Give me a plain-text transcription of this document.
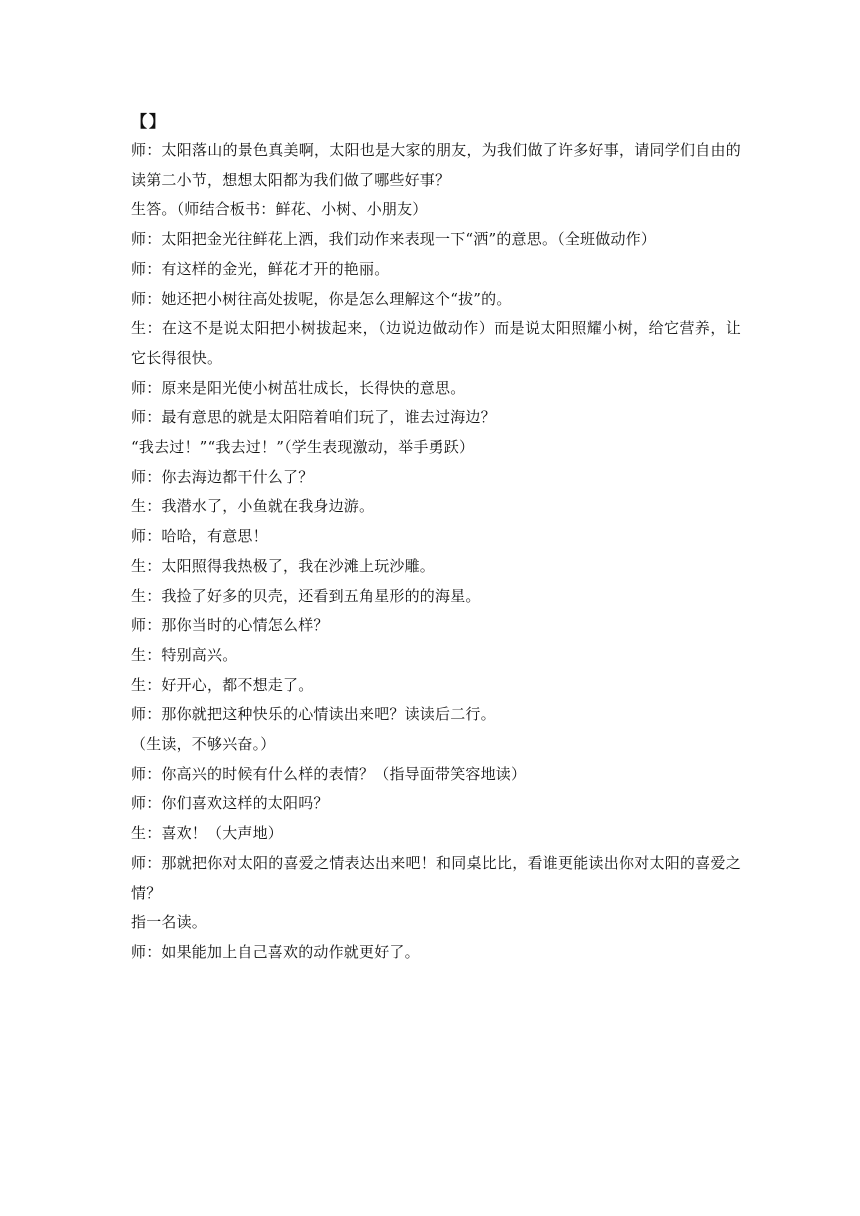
【】

师：太阳落山的景色真美啊，太阳也是大家的朋友，为我们做了许多好事，请同学们自由的读第二小节，想想太阳都为我们做了哪些好事？

生答。（师结合板书：鲜花、小树、小朋友）

师：太阳把金光往鲜花上洒，我们动作来表现一下“洒”的意思。（全班做动作）

师：有这样的金光，鲜花才开的艳丽。

师：她还把小树往高处拔呢，你是怎么理解这个“拔”的。

生：在这不是说太阳把小树拔起来，（边说边做动作）而是说太阳照耀小树，给它营养，让它长得很快。

师：原来是阳光使小树茁壮成长，长得快的意思。

师：最有意思的就是太阳陪着咱们玩了，谁去过海边？

“我去过！”“我去过！”（学生表现激动，举手勇跃）

师：你去海边都干什么了？

生：我潜水了，小鱼就在我身边游。

师：哈哈，有意思！

生：太阳照得我热极了，我在沙滩上玩沙雕。

生：我捡了好多的贝壳，还看到五角星形的的海星。

师：那你当时的心情怎么样？

生：特别高兴。

生：好开心，都不想走了。

师：那你就把这种快乐的心情读出来吧？读读后二行。

（生读，不够兴奋。）

师：你高兴的时候有什么样的表情？（指导面带笑容地读）

师：你们喜欢这样的太阳吗？

生：喜欢！（大声地）

师：那就把你对太阳的喜爱之情表达出来吧！和同桌比比，看谁更能读出你对太阳的喜爱之情？

指一名读。

师：如果能加上自己喜欢的动作就更好了。
